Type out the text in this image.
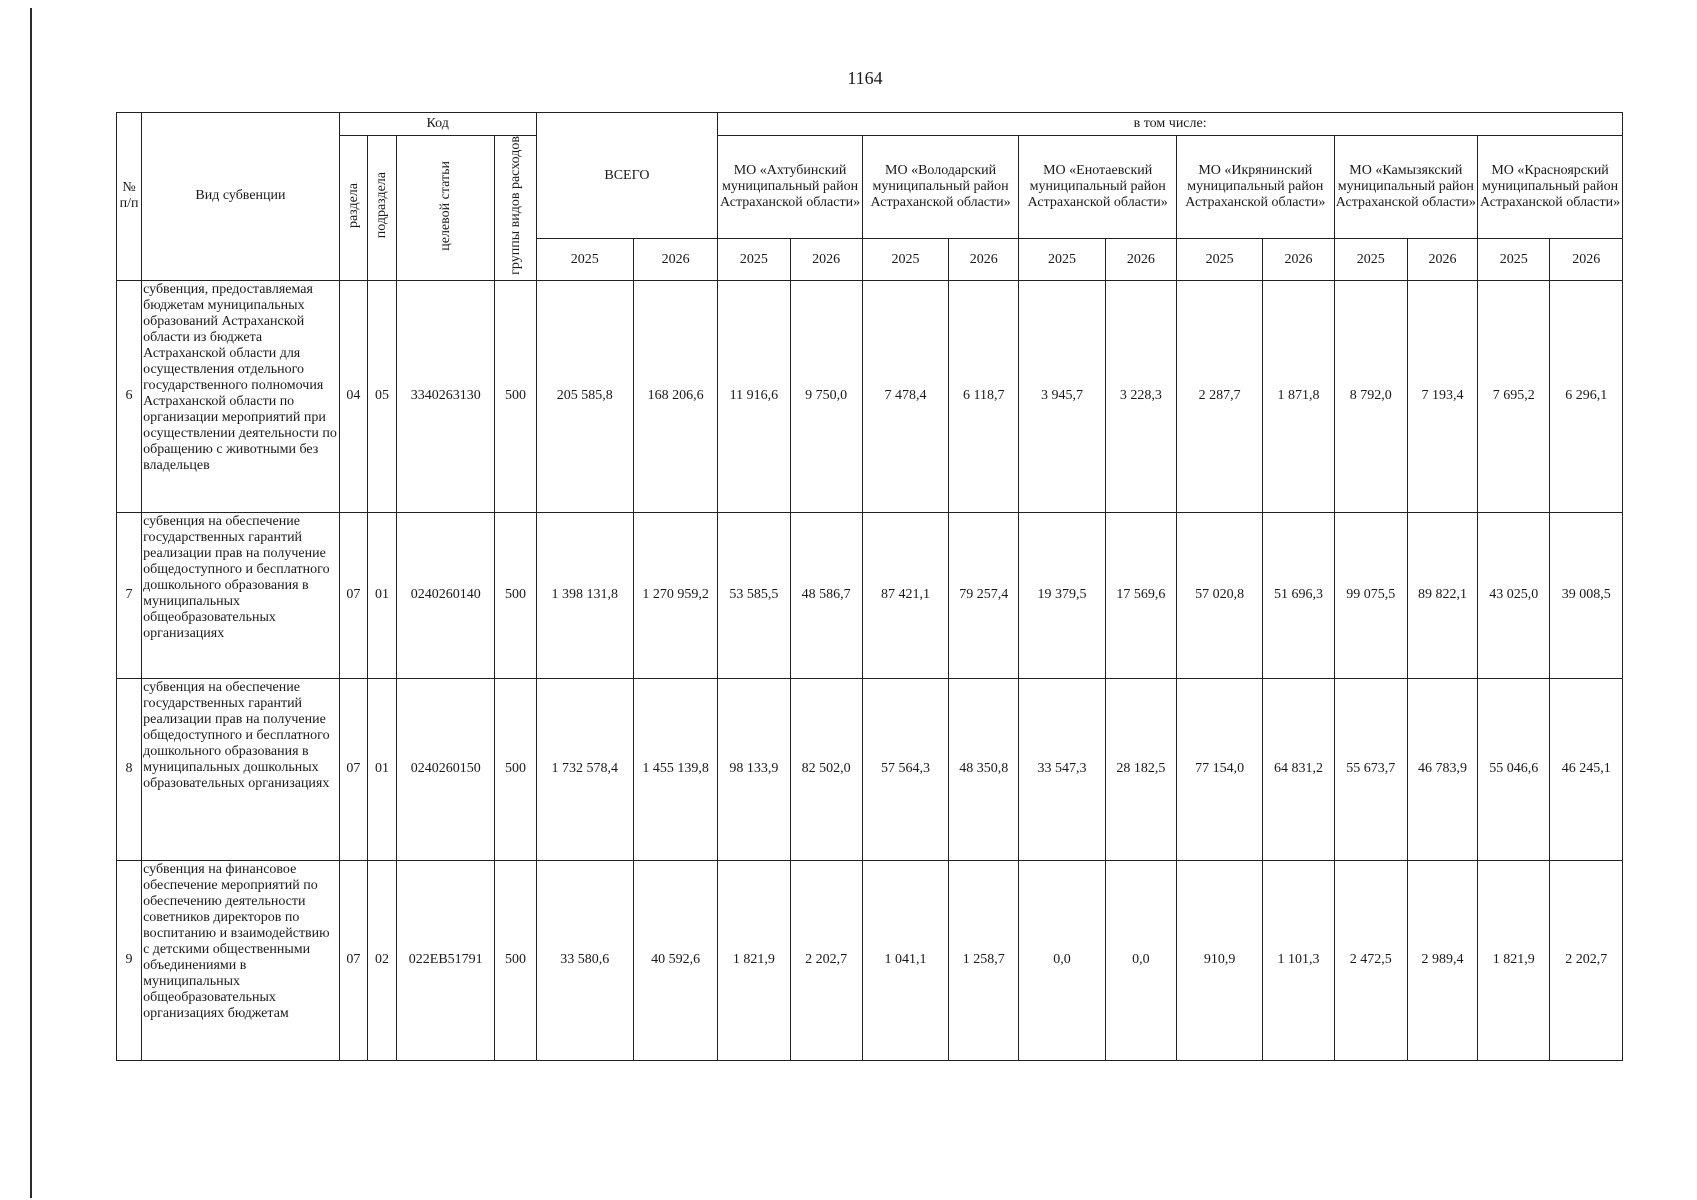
1164
№ п/п	Вид субвенции	Код				ВСЕГО		в том числе:											
		раздела	подраздела	целевой статьи	группы видов расходов			МО «Ахтубинский муниципальный район Астраханской области»		МО «Володарский муниципальный район Астраханской области»		МО «Енотаевский муниципальный район Астраханской области»		МО «Икрянинский муниципальный район Астраханской области»		МО «Камызякский муниципальный район Астраханской области»		МО «Красноярский муниципальный район Астраханской области»	
						2025	2026	2025	2026	2025	2026	2025	2026	2025	2026	2025	2026	2025	2026
6	субвенция, предоставляемая бюджетам муниципальных образований Астраханской области из бюджета Астраханской области для осуществления отдельного государственного полномочия Астраханской области по организации мероприятий при осуществлении деятельности по обращению с животными без владельцев	04	05	3340263130	500	205 585,8	168 206,6	11 916,6	9 750,0	7 478,4	6 118,7	3 945,7	3 228,3	2 287,7	1 871,8	8 792,0	7 193,4	7 695,2	6 296,1
7	субвенция на обеспечение государственных гарантий реализации прав на получение общедоступного и бесплатного дошкольного образования в муниципальных общеобразовательных организациях	07	01	0240260140	500	1 398 131,8	1 270 959,2	53 585,5	48 586,7	87 421,1	79 257,4	19 379,5	17 569,6	57 020,8	51 696,3	99 075,5	89 822,1	43 025,0	39 008,5
8	субвенция на обеспечение государственных гарантий реализации прав на получение общедоступного и бесплатного дошкольного образования в муниципальных дошкольных образовательных организациях	07	01	0240260150	500	1 732 578,4	1 455 139,8	98 133,9	82 502,0	57 564,3	48 350,8	33 547,3	28 182,5	77 154,0	64 831,2	55 673,7	46 783,9	55 046,6	46 245,1
9	субвенция на финансовое обеспечение мероприятий по обеспечению деятельности советников директоров по воспитанию и взаимодействию с детскими общественными объединениями в муниципальных общеобразовательных организациях бюджетам	07	02	022ЕВ51791	500	33 580,6	40 592,6	1 821,9	2 202,7	1 041,1	1 258,7	0,0	0,0	910,9	1 101,3	2 472,5	2 989,4	1 821,9	2 202,7
